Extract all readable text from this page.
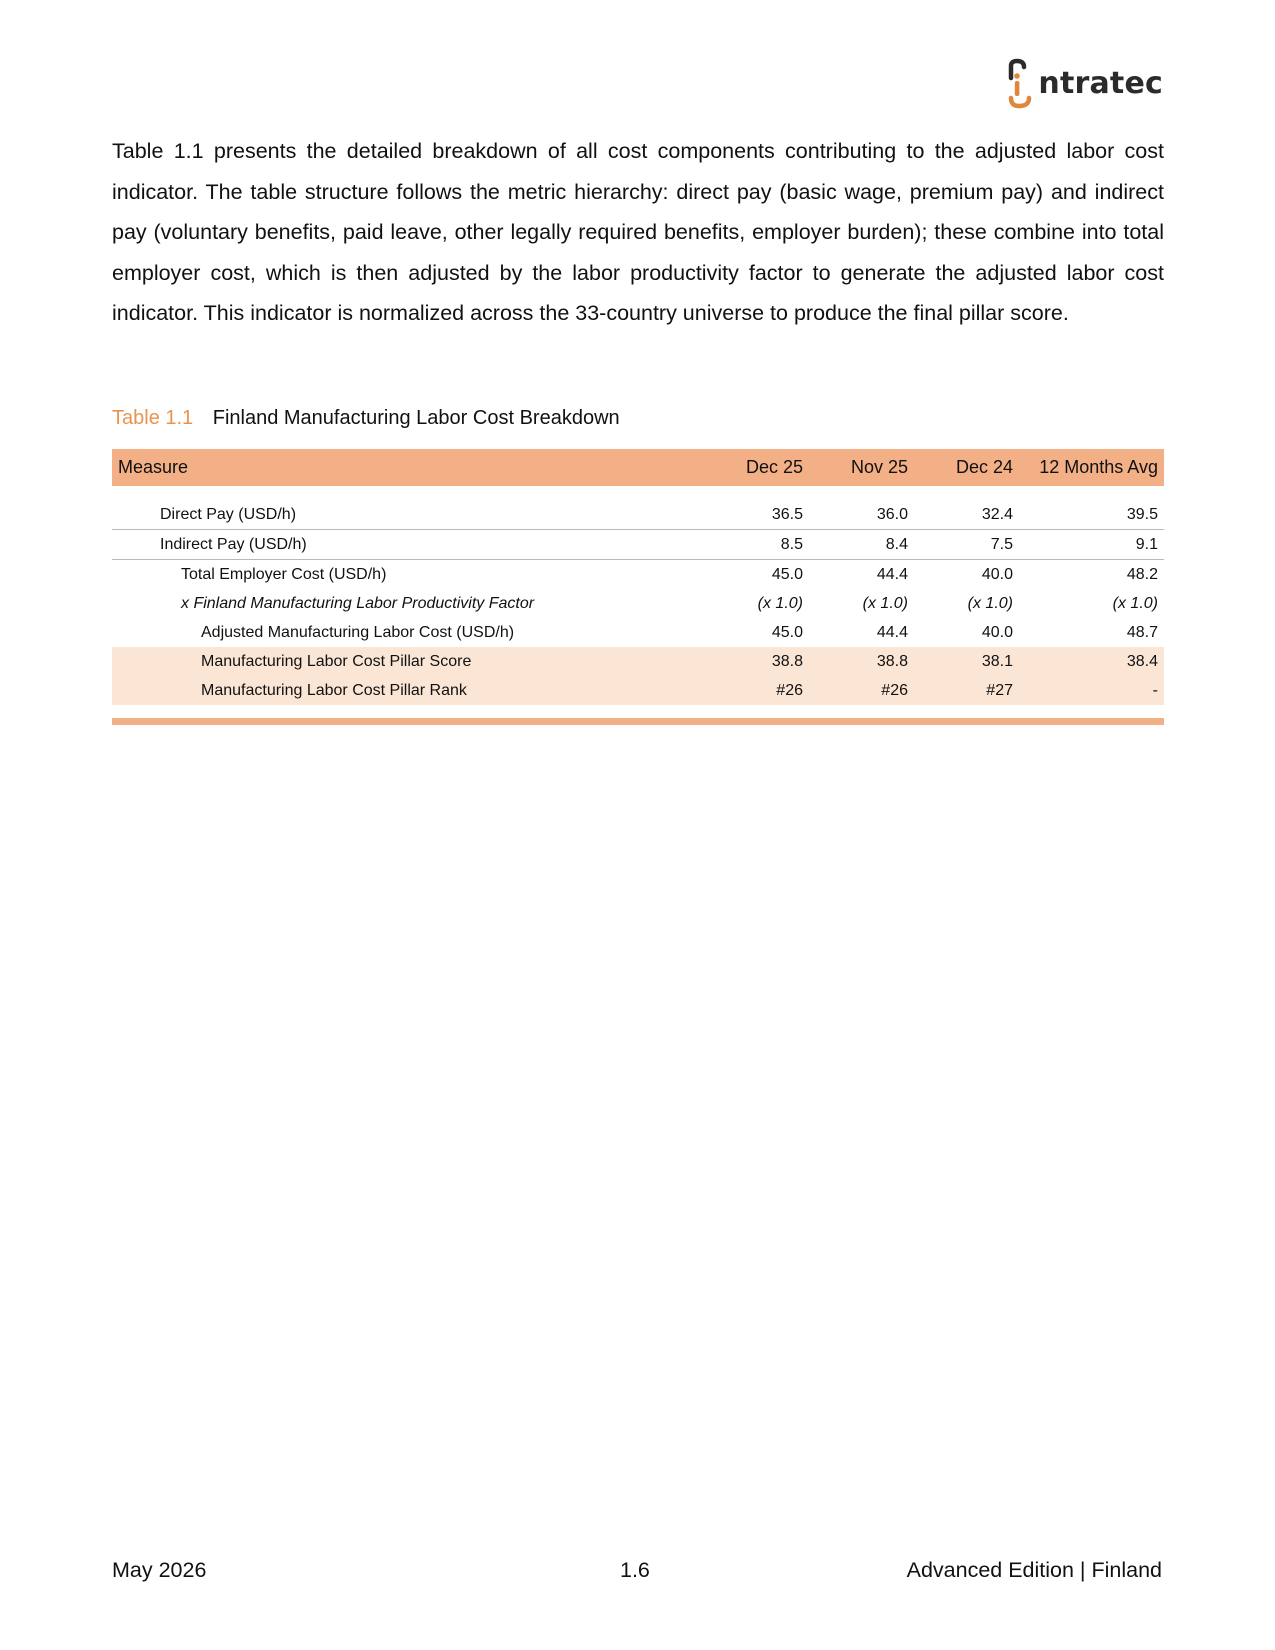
ntratec

Table 1.1 presents the detailed breakdown of all cost components contributing to the adjusted labor cost indicator. The table structure follows the metric hierarchy: direct pay (basic wage, premium pay) and indirect pay (voluntary benefits, paid leave, other legally required benefits, employer burden); these combine into total employer cost, which is then adjusted by the labor productivity factor to generate the adjusted labor cost indicator. This indicator is normalized across the 33-country universe to produce the final pillar score.

Table 1.1 Finland Manufacturing Labor Cost Breakdown
Measure	Dec 25	Nov 25	Dec 24	12 Months Avg

Direct Pay (USD/h)	36.5	36.0	32.4	39.5
Indirect Pay (USD/h)	8.5	8.4	7.5	9.1
Total Employer Cost (USD/h)	45.0	44.4	40.0	48.2
x Finland Manufacturing Labor Productivity Factor	(x 1.0)	(x 1.0)	(x 1.0)	(x 1.0)
Adjusted Manufacturing Labor Cost (USD/h)	45.0	44.4	40.0	48.7
Manufacturing Labor Cost Pillar Score	38.8	38.8	38.1	38.4
Manufacturing Labor Cost Pillar Rank	#26	#26	#27	-
May 2026	1.6	Advanced Edition | Finland
